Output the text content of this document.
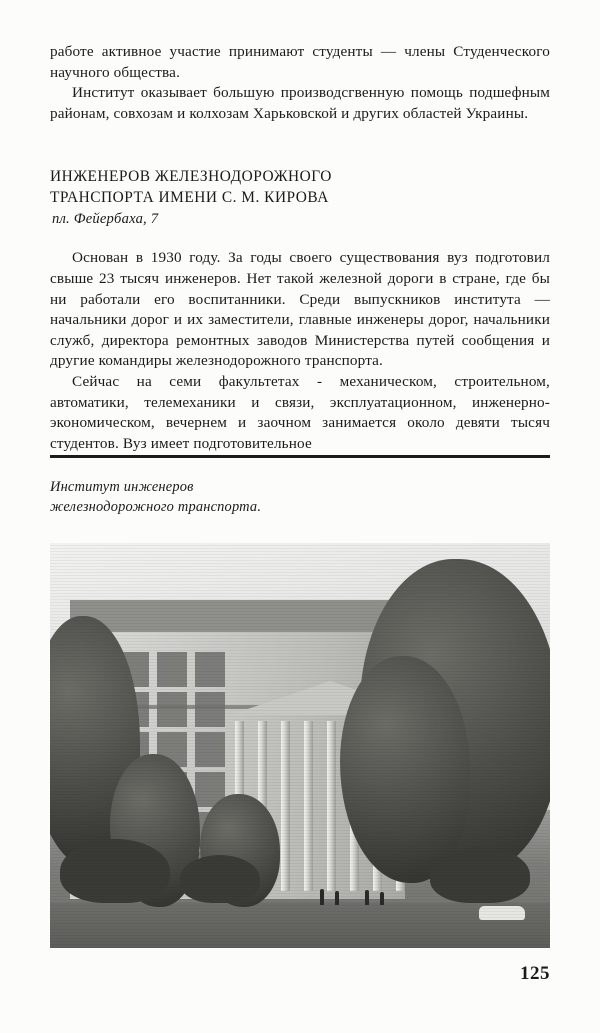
работе активное участие принимают студенты — члены Студенческого научного общества.

Институт оказывает большую производсгвенную помощь подшефным районам, совхозам и колхозам Харьковской и других областей Украины.

ИНЖЕНЕРОВ ЖЕЛЕЗНОДОРОЖНОГО
ТРАНСПОРТА ИМЕНИ С. М. КИРОВА
пл. Фейербаха, 7

Основан в 1930 году. За годы своего существования вуз подготовил свыше 23 тысяч инженеров. Нет такой железной дороги в стране, где бы ни работали его воспитанники. Среди выпускников института — начальники дорог и их заместители, главные инженеры дорог, начальники служб, директора ремонтных заводов Министерства путей сообщения и другие командиры железнодорожного транспорта.

Сейчас на семи факультетах - механическом, строительном, автоматики, телемеханики и связи, эксплуатационном, инженерно-экономическом, вечернем и заочном занимается около девяти тысяч студентов. Вуз имеет подготовительное

Институт инженеров
железнодорожного транспорта.
125
